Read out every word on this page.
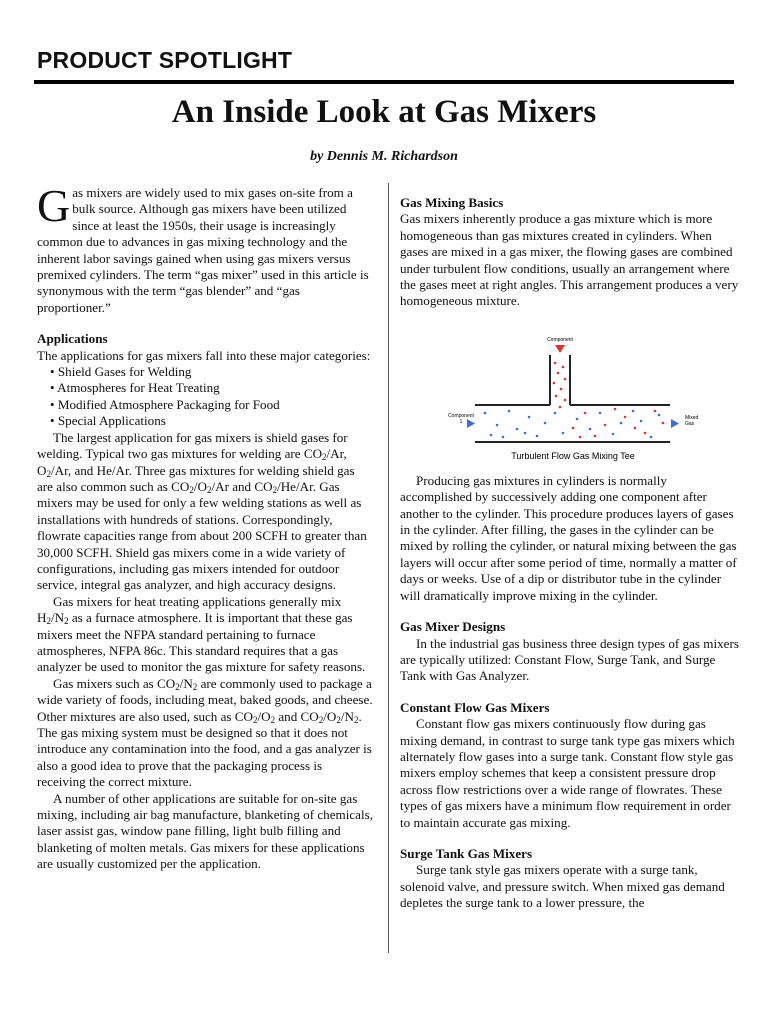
PRODUCT SPOTLIGHT
An Inside Look at Gas Mixers
by Dennis M. Richardson

Gas mixers are widely used to mix gases on-site from a bulk source. Although gas mixers have been utilized since at least the 1950s, their usage is increasingly common due to advances in gas mixing technology and the inherent labor savings gained when using gas mixers versus premixed cylinders. The term “gas mixer” used in this article is synonymous with the term “gas blender” and “gas proportioner.”

Applications

The applications for gas mixers fall into these major categories:

• Shield Gases for Welding
• Atmospheres for Heat Treating
• Modified Atmosphere Packaging for Food
• Special Applications

The largest application for gas mixers is shield gases for welding. Typical two gas mixtures for welding are $CO_2/Ar$, $O_2/Ar$, and He/Ar. Three gas mixtures for welding shield gas are also common such as $CO_2/O_2/Ar$ and $CO_2/He/Ar$. Gas mixers may be used for only a few welding stations as well as installations with hundreds of stations. Correspondingly, flowrate capacities range from about 200 SCFH to greater than 30,000 SCFH. Shield gas mixers come in a wide variety of configurations, including gas mixers intended for outdoor service, integral gas analyzer, and high accuracy designs.

Gas mixers for heat treating applications generally mix $H_2/N_2$ as a furnace atmosphere. It is important that these gas mixers meet the NFPA standard pertaining to furnace atmospheres, NFPA 86c. This standard requires that a gas analyzer be used to monitor the gas mixture for safety reasons.

Gas mixers such as $CO_2/N_2$ are commonly used to package a wide variety of foods, including meat, baked goods, and cheese. Other mixtures are also used, such as $CO_2/O_2$ and $CO_2/O_2/N_2$. The gas mixing system must be designed so that it does not introduce any contamination into the food, and a gas analyzer is also a good idea to prove that the packaging process is receiving the correct mixture.

A number of other applications are suitable for on-site gas mixing, including air bag manufacture, blanketing of chemicals, laser assist gas, window pane filling, light bulb filling and blanketing of molten metals. Gas mixers for these applications are usually customized per the application.

Gas Mixing Basics

Gas mixers inherently produce a gas mixture which is more homogeneous than gas mixtures created in cylinders. When gases are mixed in a gas mixer, the flowing gases are combined under turbulent flow conditions, usually an arrangement where the gases meet at right angles. This arrangement produces a very homogeneous mixture.

Component
Component
1
Mixed
Gas
Turbulent Flow Gas Mixing Tee

Producing gas mixtures in cylinders is normally accomplished by successively adding one component after another to the cylinder. This procedure produces layers of gases in the cylinder. After filling, the gases in the cylinder can be mixed by rolling the cylinder, or natural mixing between the gas layers will occur after some period of time, normally a matter of days or weeks. Use of a dip or distributor tube in the cylinder will dramatically improve mixing in the cylinder.

Gas Mixer Designs

In the industrial gas business three design types of gas mixers are typically utilized: Constant Flow, Surge Tank, and Surge Tank with Gas Analyzer.

Constant Flow Gas Mixers

Constant flow gas mixers continuously flow during gas mixing demand, in contrast to surge tank type gas mixers which alternately flow gases into a surge tank. Constant flow style gas mixers employ schemes that keep a consistent pressure drop across flow restrictions over a wide range of flowrates. These types of gas mixers have a minimum flow requirement in order to maintain accurate gas mixing.

Surge Tank Gas Mixers

Surge tank style gas mixers operate with a surge tank, solenoid valve, and pressure switch. When mixed gas demand depletes the surge tank to a lower pressure, the
